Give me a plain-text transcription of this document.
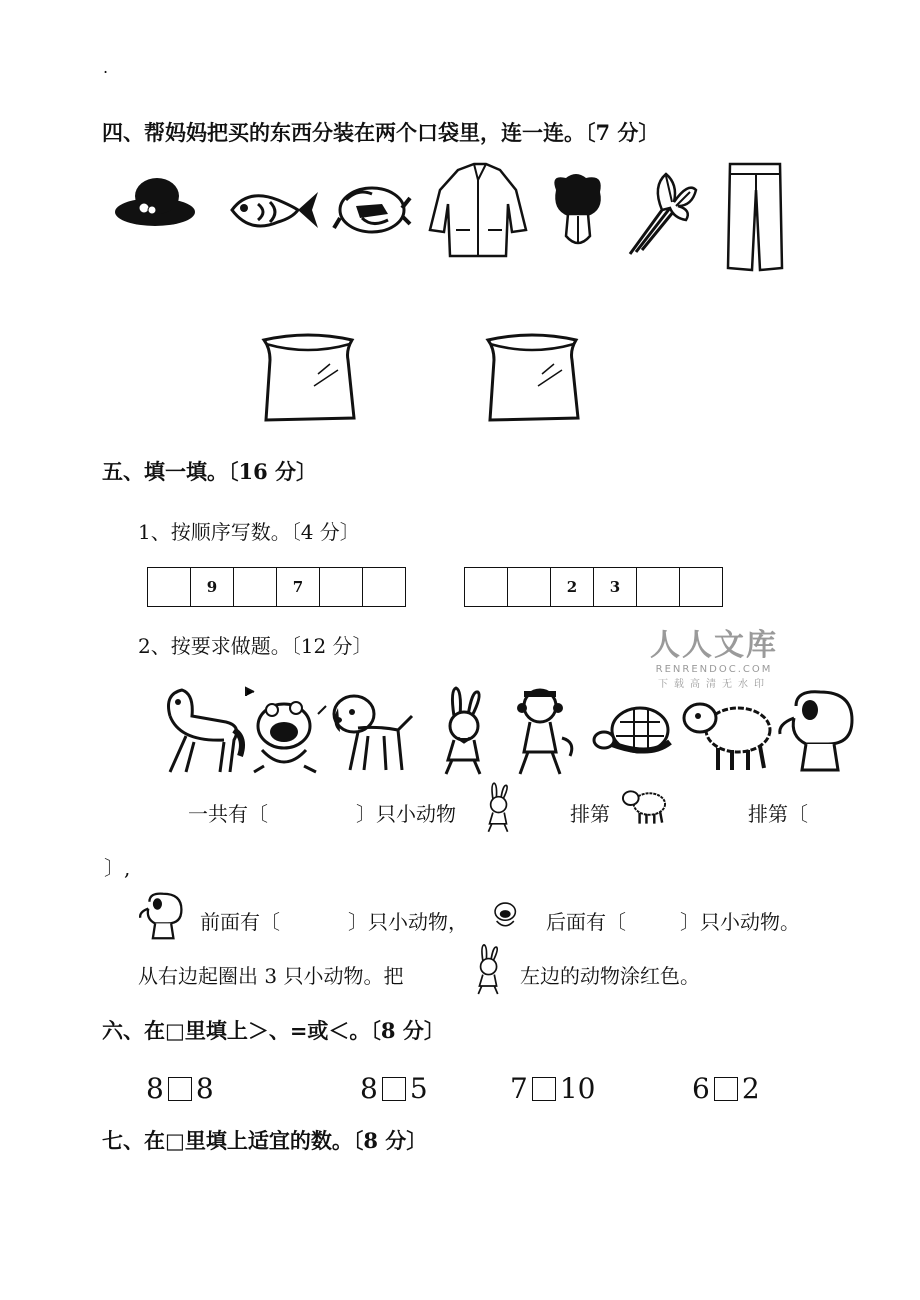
.
四、帮妈妈把买的东西分装在两个口袋里，连一连。〔7 分〕
五、填一填。〔16 分〕
1、按顺序写数。〔4 分〕
9	7	2	3
2、按要求做题。〔12 分〕	人人文库
RENRENDOC.COM
下载高清无水印
一共有〔	〕只小动物	排第	排第〔
〕,
前面有〔	〕只小动物，	后面有〔	〕只小动物。
从右边起圈出 3 只小动物。把	左边的动物涂红色。
六、在□里填上＞、=或＜。〔8 分〕
8 8	8 5	7 10	6 2
七、在□里填上适宜的数。〔8 分〕
